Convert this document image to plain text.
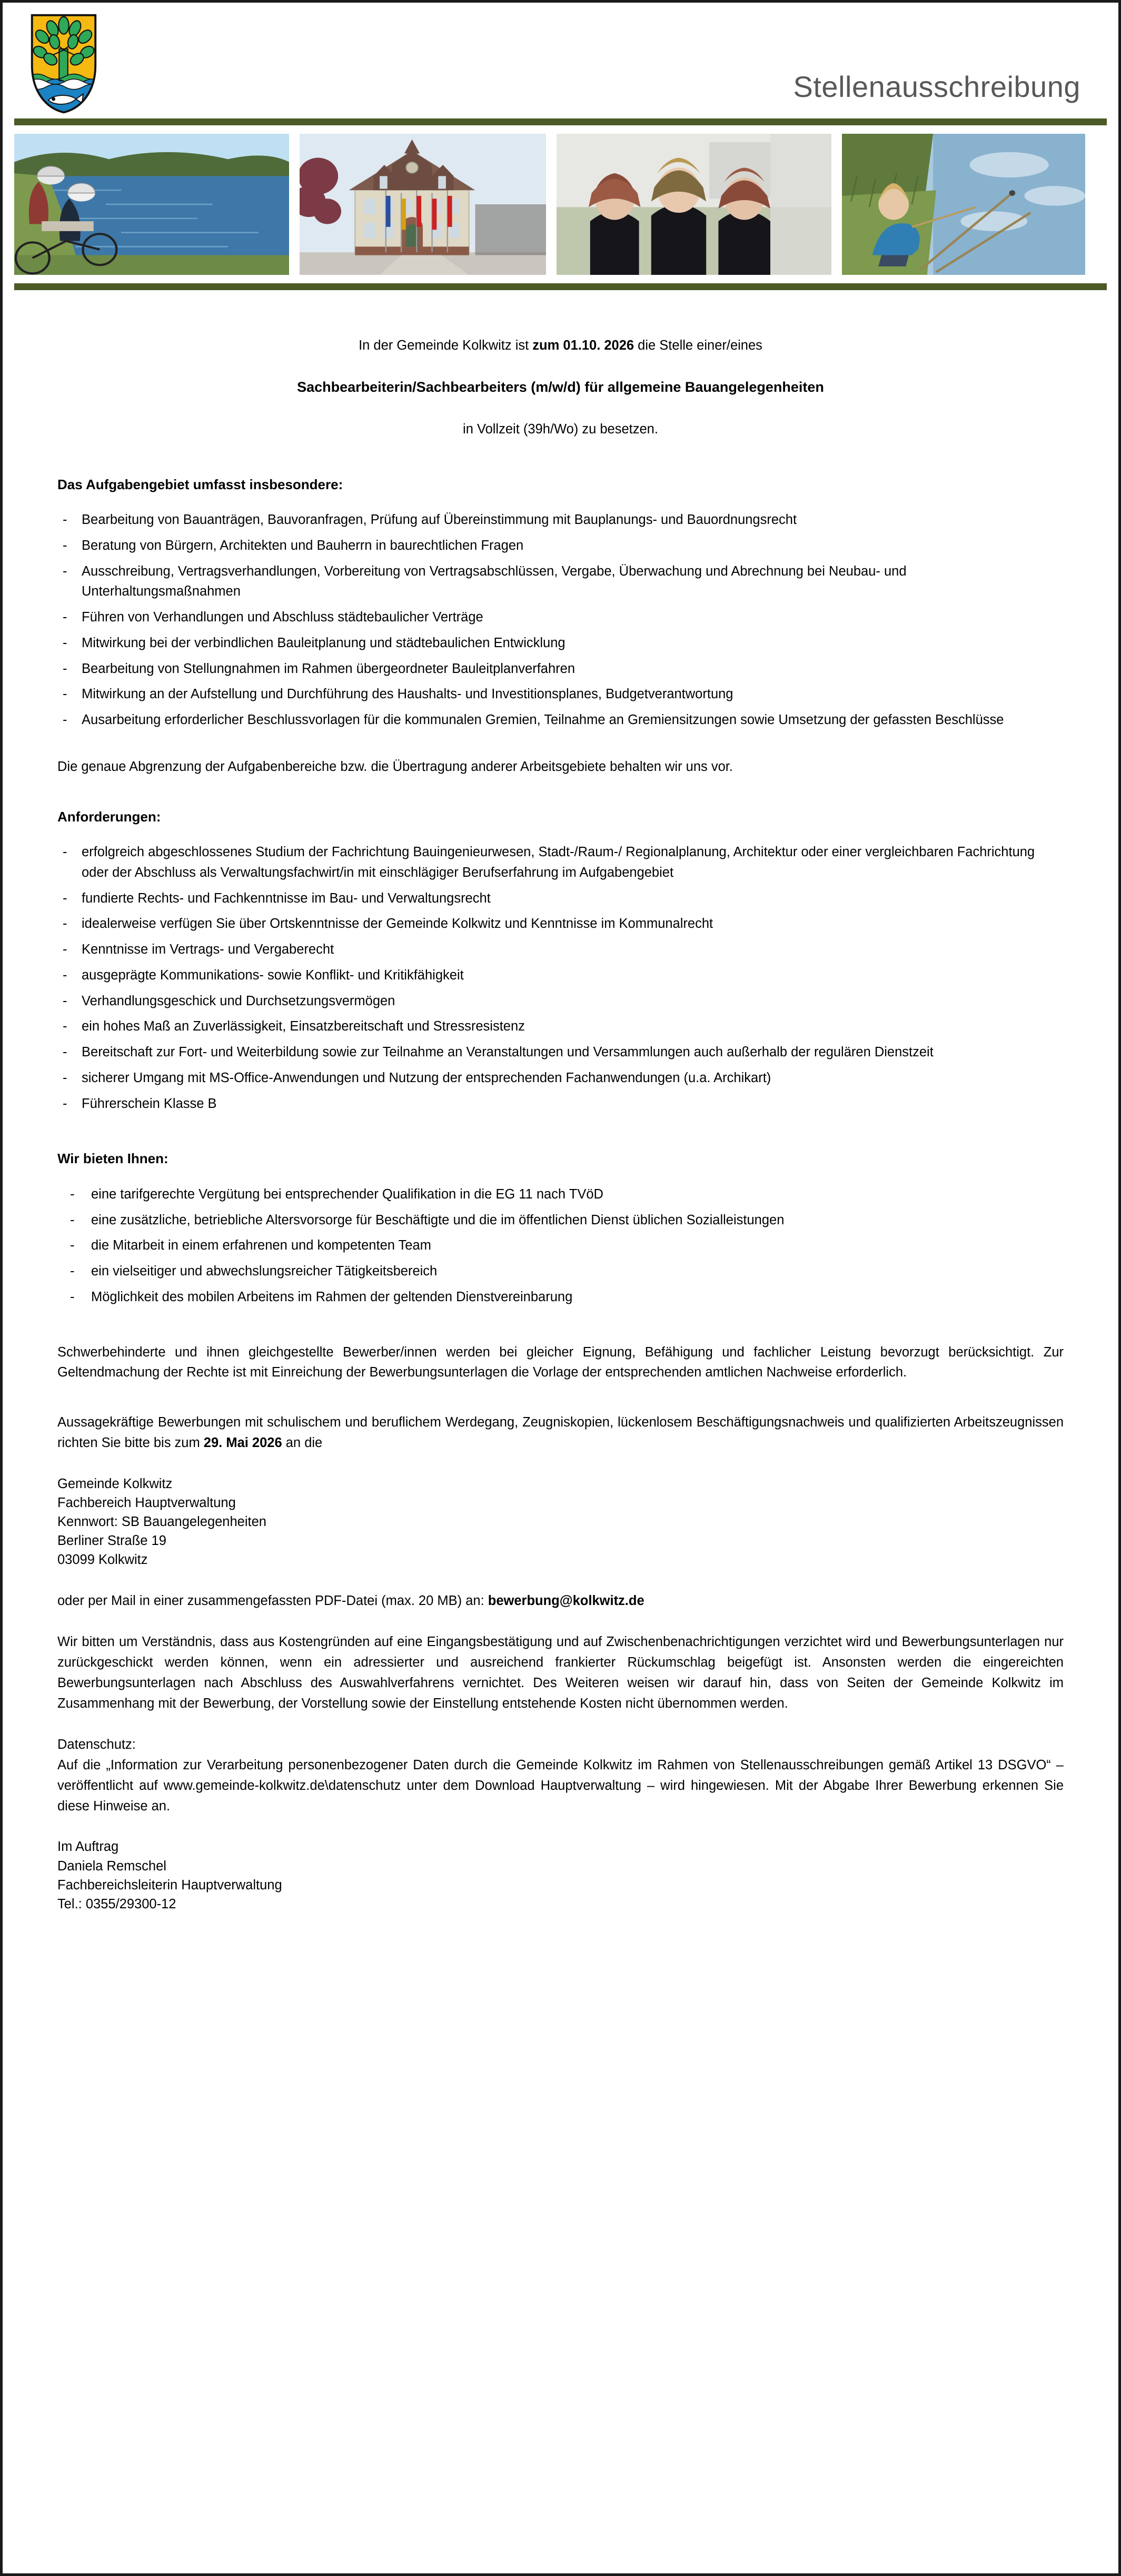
Stellenausschreibung

In der Gemeinde Kolkwitz ist zum 01.10. 2026 die Stelle einer/eines

Sachbearbeiterin/Sachbearbeiters (m/w/d) für allgemeine Bauangelegenheiten

in Vollzeit (39h/Wo) zu besetzen.

Das Aufgabengebiet umfasst insbesondere:
- Bearbeitung von Bauanträgen, Bauvoranfragen, Prüfung auf Übereinstimmung mit Bauplanungs- und Bauordnungsrecht
- Beratung von Bürgern, Architekten und Bauherrn in baurechtlichen Fragen
- Ausschreibung, Vertragsverhandlungen, Vorbereitung von Vertragsabschlüssen, Vergabe, Überwachung und Abrechnung bei Neubau- und Unterhaltungsmaßnahmen
- Führen von Verhandlungen und Abschluss städtebaulicher Verträge
- Mitwirkung bei der verbindlichen Bauleitplanung und städtebaulichen Entwicklung
- Bearbeitung von Stellungnahmen im Rahmen übergeordneter Bauleitplanverfahren
- Mitwirkung an der Aufstellung und Durchführung des Haushalts- und Investitionsplanes, Budgetverantwortung
- Ausarbeitung erforderlicher Beschlussvorlagen für die kommunalen Gremien, Teilnahme an Gremiensitzungen sowie Umsetzung der gefassten Beschlüsse

Die genaue Abgrenzung der Aufgabenbereiche bzw. die Übertragung anderer Arbeitsgebiete behalten wir uns vor.

Anforderungen:
- erfolgreich abgeschlossenes Studium der Fachrichtung Bauingenieurwesen, Stadt-/Raum-/ Regionalplanung, Architektur oder einer vergleichbaren Fachrichtung
oder der Abschluss als Verwaltungsfachwirt/in mit einschlägiger Berufserfahrung im Aufgabengebiet
- fundierte Rechts- und Fachkenntnisse im Bau- und Verwaltungsrecht
- idealerweise verfügen Sie über Ortskenntnisse der Gemeinde Kolkwitz und Kenntnisse im Kommunalrecht
- Kenntnisse im Vertrags- und Vergaberecht
- ausgeprägte Kommunikations- sowie Konflikt- und Kritikfähigkeit
- Verhandlungsgeschick und Durchsetzungsvermögen
- ein hohes Maß an Zuverlässigkeit, Einsatzbereitschaft und Stressresistenz
- Bereitschaft zur Fort- und Weiterbildung sowie zur Teilnahme an Veranstaltungen und Versammlungen auch außerhalb der regulären Dienstzeit
- sicherer Umgang mit MS-Office-Anwendungen und Nutzung der entsprechenden Fachanwendungen (u.a. Archikart)
- Führerschein Klasse B
Wir bieten Ihnen:
- eine tarifgerechte Vergütung bei entsprechender Qualifikation in die EG 11 nach TVöD
- eine zusätzliche, betriebliche Altersvorsorge für Beschäftigte und die im öffentlichen Dienst üblichen Sozialleistungen
- die Mitarbeit in einem erfahrenen und kompetenten Team
- ein vielseitiger und abwechslungsreicher Tätigkeitsbereich
- Möglichkeit des mobilen Arbeitens im Rahmen der geltenden Dienstvereinbarung

Schwerbehinderte und ihnen gleichgestellte Bewerber/innen werden bei gleicher Eignung, Befähigung und fachlicher Leistung bevorzugt berücksichtigt. Zur Geltendmachung der Rechte ist mit Einreichung der Bewerbungsunterlagen die Vorlage der entsprechenden amtlichen Nachweise erforderlich.

Aussagekräftige Bewerbungen mit schulischem und beruflichem Werdegang, Zeugniskopien, lückenlosem Beschäftigungsnachweis und qualifizierten Arbeitszeugnissen richten Sie bitte bis zum 29. Mai 2026 an die

Gemeinde Kolkwitz
Fachbereich Hauptverwaltung
Kennwort: SB Bauangelegenheiten
Berliner Straße 19
03099 Kolkwitz

oder per Mail in einer zusammengefassten PDF-Datei (max. 20 MB) an: bewerbung@kolkwitz.de

Wir bitten um Verständnis, dass aus Kostengründen auf eine Eingangsbestätigung und auf Zwischenbenachrichtigungen verzichtet wird und Bewerbungsunterlagen nur zurückgeschickt werden können, wenn ein adressierter und ausreichend frankierter Rückumschlag beigefügt ist. Ansonsten werden die eingereichten Bewerbungsunterlagen nach Abschluss des Auswahlverfahrens vernichtet. Des Weiteren weisen wir darauf hin, dass von Seiten der Gemeinde Kolkwitz im Zusammenhang mit der Bewerbung, der Vorstellung sowie der Einstellung entstehende Kosten nicht übernommen werden.

Datenschutz:

Auf die „Information zur Verarbeitung personenbezogener Daten durch die Gemeinde Kolkwitz im Rahmen von Stellenausschreibungen gemäß Artikel 13 DSGVO“ – veröffentlicht auf www.gemeinde-kolkwitz.de\datenschutz unter dem Download Hauptverwaltung – wird hingewiesen. Mit der Abgabe Ihrer Bewerbung erkennen Sie diese Hinweise an.

Im Auftrag
Daniela Remschel
Fachbereichsleiterin Hauptverwaltung
Tel.: 0355/29300-12
